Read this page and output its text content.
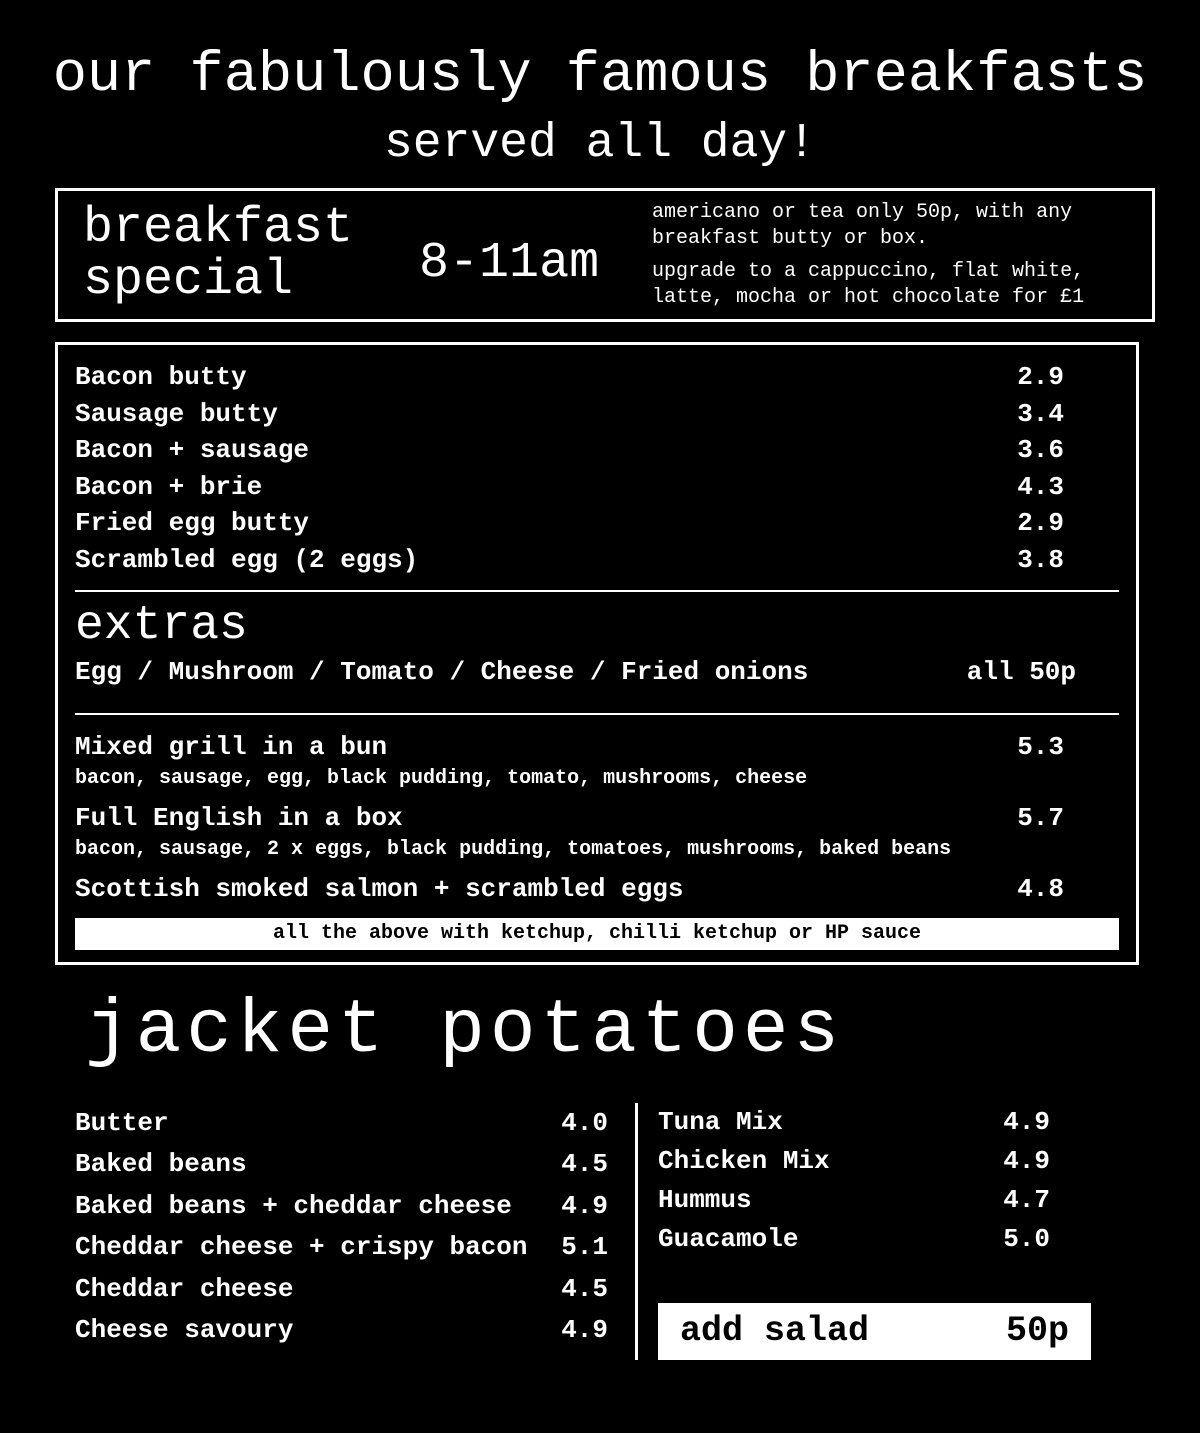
our fabulously famous breakfasts
served all day!
breakfast
special	8-11am

americano or tea only 50p, with any breakfast butty or box.

upgrade to a cappuccino, flat white, latte, mocha or hot chocolate for £1

Bacon butty	2.9
Sausage butty	3.4
Bacon + sausage	3.6
Bacon + brie	4.3
Fried egg butty	2.9
Scrambled egg (2 eggs)	3.8
extras
Egg / Mushroom / Tomato / Cheese / Fried onions	all 50p
Mixed grill in a bun	5.3
bacon, sausage, egg, black pudding, tomato, mushrooms, cheese
Full English in a box	5.7
bacon, sausage, 2 x eggs, black pudding, tomatoes, mushrooms, baked beans
Scottish smoked salmon + scrambled eggs	4.8
all the above with ketchup, chilli ketchup or HP sauce
jacket potatoes
Butter	4.0
Baked beans	4.5
Baked beans + cheddar cheese 4.9
Cheddar cheese + crispy bacon 5.1
Cheddar cheese	4.5
Cheese savoury	4.9
Tuna Mix	4.9
Chicken Mix	4.9
Hummus	4.7
Guacamole	5.0
add salad	50p
